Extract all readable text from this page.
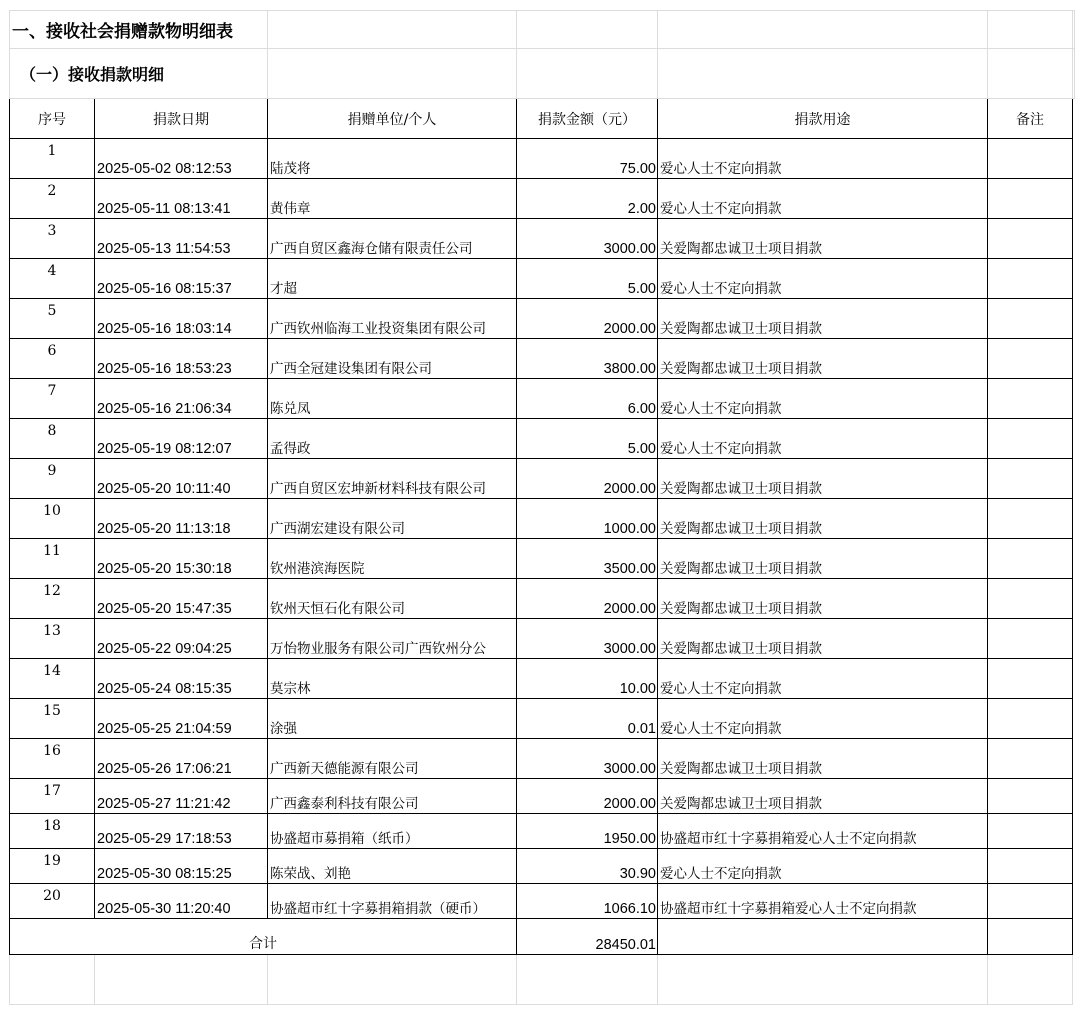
一、接收社会捐赠款物明细表						
（一）接收捐款明细						
序号	捐款日期	捐赠单位/个人	捐款金额（元）	捐款用途	备注	
1	2025-05-02 08:12:53	陆茂将	75.00	爱心人士不定向捐款		
2	2025-05-11 08:13:41	黄伟章	2.00	爱心人士不定向捐款		
3	2025-05-13 11:54:53	广西自贸区鑫海仓储有限责任公司	3000.00	关爱陶都忠诚卫士项目捐款		
4	2025-05-16 08:15:37	才超	5.00	爱心人士不定向捐款		
5	2025-05-16 18:03:14	广西钦州临海工业投资集团有限公司	2000.00	关爱陶都忠诚卫士项目捐款		
6	2025-05-16 18:53:23	广西全冠建设集团有限公司	3800.00	关爱陶都忠诚卫士项目捐款		
7	2025-05-16 21:06:34	陈兑凤	6.00	爱心人士不定向捐款		
8	2025-05-19 08:12:07	孟得政	5.00	爱心人士不定向捐款		
9	2025-05-20 10:11:40	广西自贸区宏坤新材料科技有限公司	2000.00	关爱陶都忠诚卫士项目捐款		
10	2025-05-20 11:13:18	广西湖宏建设有限公司	1000.00	关爱陶都忠诚卫士项目捐款		
11	2025-05-20 15:30:18	钦州港滨海医院	3500.00	关爱陶都忠诚卫士项目捐款		
12	2025-05-20 15:47:35	钦州天恒石化有限公司	2000.00	关爱陶都忠诚卫士项目捐款		
13	2025-05-22 09:04:25	万怡物业服务有限公司广西钦州分公	3000.00	关爱陶都忠诚卫士项目捐款		
14	2025-05-24 08:15:35	莫宗林	10.00	爱心人士不定向捐款		
15	2025-05-25 21:04:59	涂强	0.01	爱心人士不定向捐款		
16	2025-05-26 17:06:21	广西新天德能源有限公司	3000.00	关爱陶都忠诚卫士项目捐款		
17	2025-05-27 11:21:42	广西鑫泰利科技有限公司	2000.00	关爱陶都忠诚卫士项目捐款		
18	2025-05-29 17:18:53	协盛超市募捐箱（纸币）	1950.00	协盛超市红十字募捐箱爱心人士不定向捐款		
19	2025-05-30 08:15:25	陈荣战、刘艳	30.90	爱心人士不定向捐款		
20	2025-05-30 11:20:40	协盛超市红十字募捐箱捐款（硬币）	1066.10	协盛超市红十字募捐箱爱心人士不定向捐款		
合计			28450.01			
